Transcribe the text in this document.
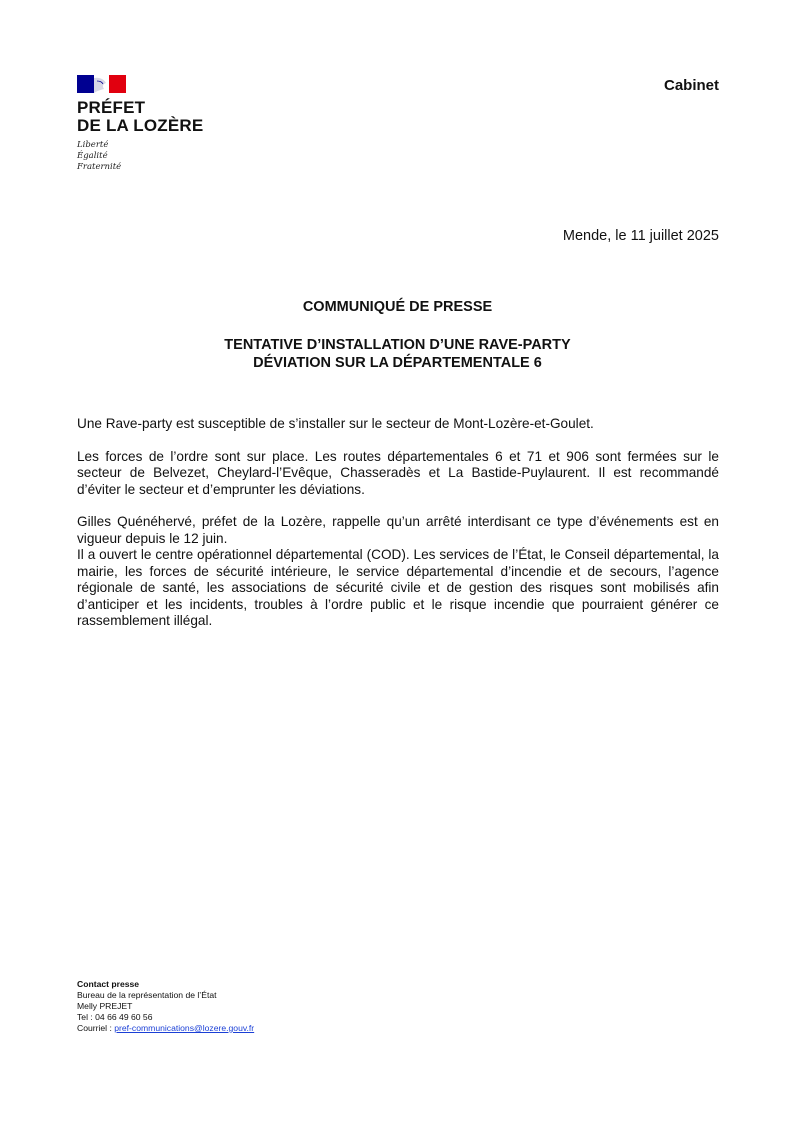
PRÉFET
DE LA LOZÈRE
Liberté
Égalité
Fraternité
Cabinet
Mende, le 11 juillet 2025
COMMUNIQUÉ DE PRESSE
TENTATIVE D’INSTALLATION D’UNE RAVE-PARTY
DÉVIATION SUR LA DÉPARTEMENTALE 6

Une Rave-party est susceptible de s’installer sur le secteur de Mont-Lozère-et-Goulet.

Les forces de l’ordre sont sur place. Les routes départementales 6 et 71 et 906 sont fermées sur le secteur de Belvezet, Cheylard-l’Evêque, Chasseradès et La Bastide-Puylaurent. Il est recommandé d’éviter le secteur et d’emprunter les déviations.

Gilles Quénéhervé, préfet de la Lozère, rappelle qu’un arrêté interdisant ce type d’événements est en vigueur depuis le 12 juin.

Il a ouvert le centre opérationnel départemental (COD). Les services de l’État, le Conseil départemental, la mairie, les forces de sécurité intérieure, le service départemental d’incendie et de secours, l’agence régionale de santé, les associations de sécurité civile et de gestion des risques sont mobilisés afin d’anticiper et les incidents, troubles à l’ordre public et le risque incendie que pourraient générer ce rassemblement illégal.

Contact presse
Bureau de la représentation de l’État
Melly PREJET
Tel : 04 66 49 60 56
Courriel : pref-communications@lozere.gouv.fr
